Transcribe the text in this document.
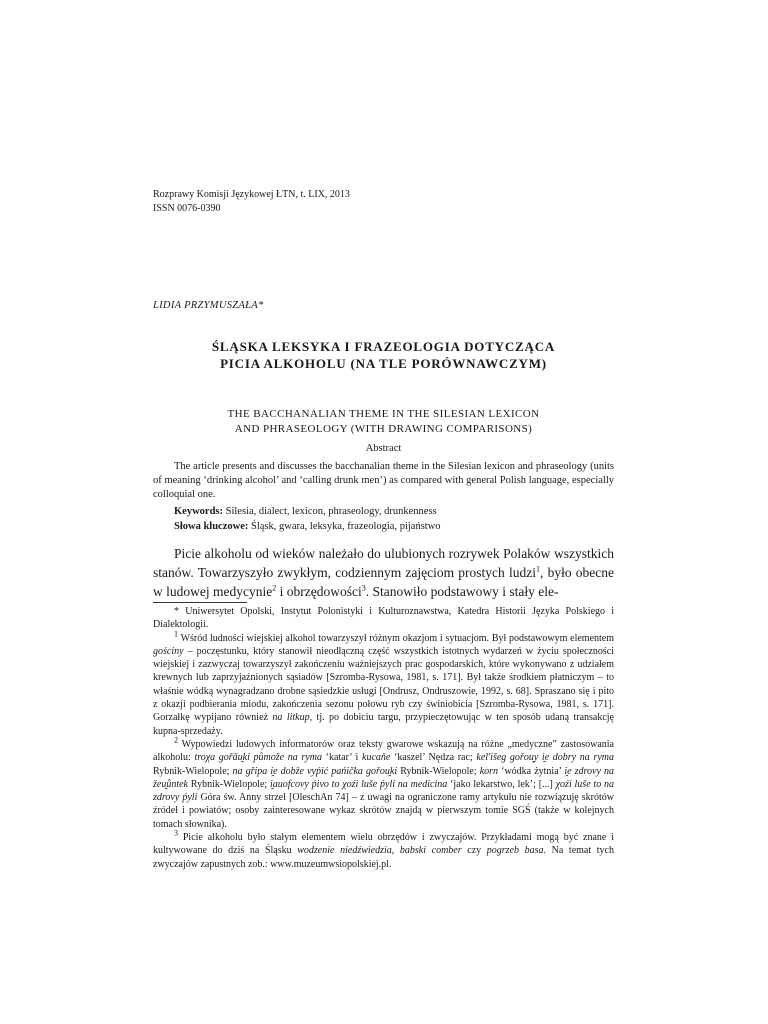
Rozprawy Komisji Językowej ŁTN, t. LIX, 2013
ISSN 0076-0390
LIDIA PRZYMUSZAŁA*
ŚLĄSKA LEKSYKA I FRAZEOLOGIA DOTYCZĄCA
PICIA ALKOHOLU (NA TLE PORÓWNAWCZYM)
THE BACCHANALIAN THEME IN THE SILESIAN LEXICON
AND PHRASEOLOGY (WITH DRAWING COMPARISONS)
Abstract
The article presents and discusses the bacchanalian theme in the Silesian lexicon and phraseology (units of meaning ‘drinking alcohol’ and ‘calling drunk men’) as compared with general Polish language, especially colloquial one.
Keywords: Silesia, dialect, lexicon, phraseology, drunkenness
Słowa kluczowe: Śląsk, gwara, leksyka, frazeologia, pijaństwo
Picie alkoholu od wieków należało do ulubionych rozrywek Polaków wszystkich stanów. Towarzyszyło zwykłym, codziennym zajęciom prostych ludzi$^1$, było obecne w ludowej medycynie$^2$ i obrzędowości$^3$. Stanowiło podstawowy i stały ele-

* Uniwersytet Opolski, Instytut Polonistyki i Kulturoznawstwa, Katedra Historii Języka Polskiego i Dialektologii.

$^1$ Wśród ludności wiejskiej alkohol towarzyszył różnym okazjom i sytuacjom. Był podstawowym elementem gościny – poczęstunku, który stanowił nieodłączną część wszystkich istotnych wydarzeń w życiu społeczności wiejskiej i zazwyczaj towarzyszył zakończeniu ważniejszych prac gospodarskich, które wykonywano z udziałem krewnych lub zaprzyjaźnionych sąsiadów [Szromba-Rysowa, 1981, s. 171]. Był także środkiem płatniczym – to właśnie wódką wynagradzano drobne sąsiedzkie usługi [Ondrusz, Ondruszowie, 1992, s. 68]. Spraszano się i pito z okazji podbierania miodu, zakończenia sezonu połowu ryb czy świniobicia [Szromba-Rysowa, 1981, s. 171]. Gorzałkę wypijano również na litkup, tj. po dobiciu targu, przypieczętowując w ten sposób udaną transakcję kupna-sprzedaży.

$^2$ Wypowiedzi ludowych informatorów oraz teksty gwarowe wskazują na różne „medyczne” zastosowania alkoholu: troχa gořāu̯ki půmože na ryma ‘katar’ i kucaňe ‘kaszel’ Nędza rac; kel'išeg gořou̯y i̯e dobry na ryma Rybnik-Wielopole; na gřipa i̯e dobže vyṕić pańička gořou̯ki Rybnik-Wielopole; korn ‘wódka żytnia’ i̯e zdrovy na žeu̯ůntek Rybnik-Wielopole; i̯auofcovy ṕivo to χoźi luše ṕyli na medicina ‘jako lekarstwo, lek’; [...] χoźi luše to na zdrovy ṕyli Góra św. Anny strzel [OleschAn 74] – z uwagi na ograniczone ramy artykułu nie rozwiązuję skrótów źródeł i powiatów; osoby zainteresowane wykaz skrótów znajdą w pierwszym tomie SGŚ (także w kolejnych tomach słownika).

$^3$ Picie alkoholu było stałym elementem wielu obrzędów i zwyczajów. Przykładami mogą być znane i kultywowane do dziś na Śląsku wodzenie niedźwiedzia, babski comber czy pogrzeb basa. Na temat tych zwyczajów zapustnych zob.: www.muzeumwsiopolskiej.pl.
